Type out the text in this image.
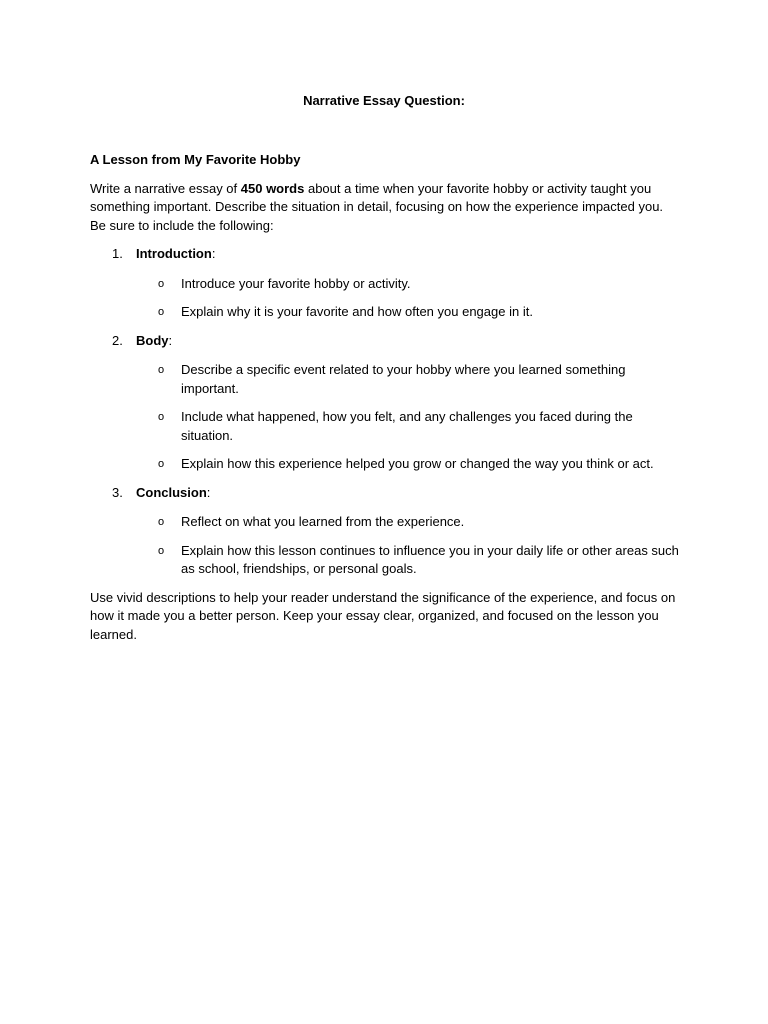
Narrative Essay Question:

A Lesson from My Favorite Hobby

Write a narrative essay of 450 words about a time when your favorite hobby or activity taught you something important. Describe the situation in detail, focusing on how the experience impacted you. Be sure to include the following:

1. Introduction:
o Introduce your favorite hobby or activity.
o Explain why it is your favorite and how often you engage in it.
2. Body:
o Describe a specific event related to your hobby where you learned something important.
o Include what happened, how you felt, and any challenges you faced during the situation.
o Explain how this experience helped you grow or changed the way you think or act.
3. Conclusion:
o Reflect on what you learned from the experience.
o Explain how this lesson continues to influence you in your daily life or other areas such as school, friendships, or personal goals.

Use vivid descriptions to help your reader understand the significance of the experience, and focus on how it made you a better person. Keep your essay clear, organized, and focused on the lesson you learned.
